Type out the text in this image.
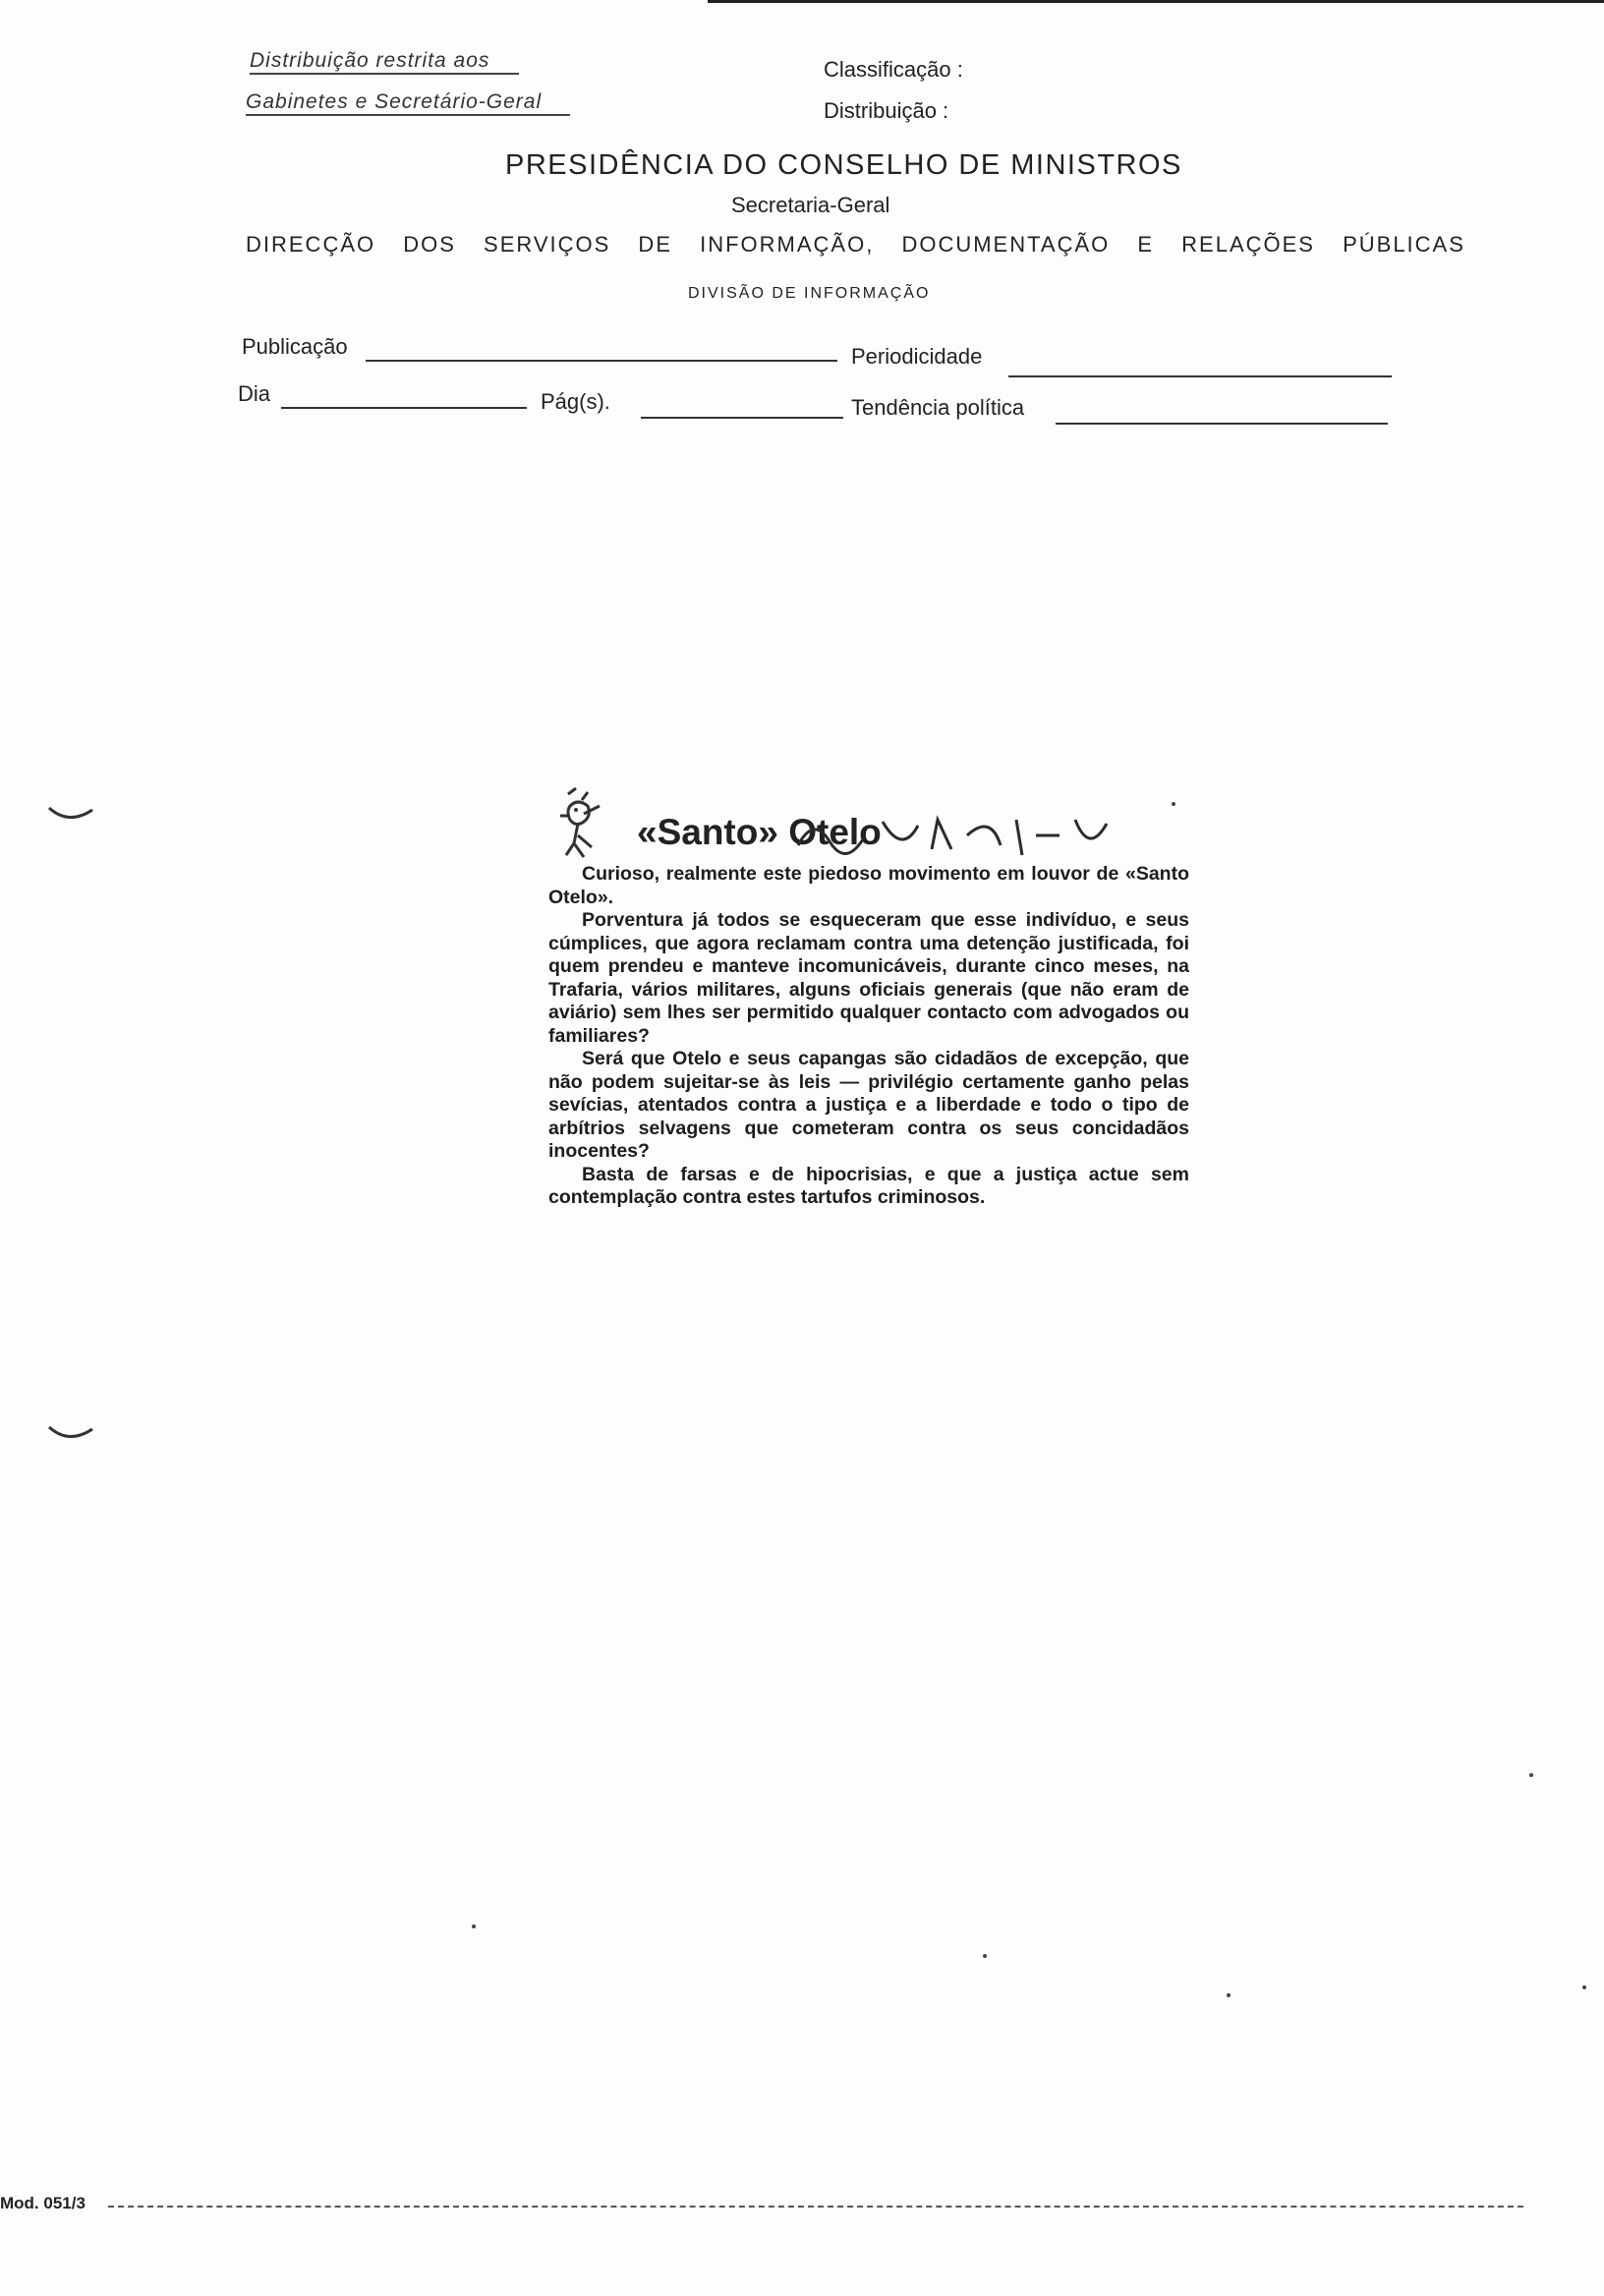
Distribuição restrita aos
Gabinetes e Secretário-Geral
Classificação :
Distribuição :
PRESIDÊNCIA DO CONSELHO DE MINISTROS
Secretaria-Geral
DIRECÇÃO DOS SERVIÇOS DE INFORMAÇÃO, DOCUMENTAÇÃO E RELAÇÕES PÚBLICAS
DIVISÃO DE INFORMAÇÃO
Publicação	Periodicidade
Dia	Pág(s).	Tendência política
«Santo» Otelo

Curioso, realmente este piedoso movimento em louvor de «Santo Otelo».

Porventura já todos se esqueceram que esse indivíduo, e seus cúmplices, que agora reclamam contra uma detenção justificada, foi quem prendeu e manteve incomunicáveis, durante cinco meses, na Trafaria, vários militares, alguns oficiais generais (que não eram de aviário) sem lhes ser permitido qualquer contacto com advogados ou familiares?

Será que Otelo e seus capangas são cidadãos de excepção, que não podem sujeitar-se às leis — privilégio certamente ganho pelas sevícias, atentados contra a justiça e a liberdade e todo o tipo de arbítrios selvagens que cometeram contra os seus concidadãos inocentes?

Basta de farsas e de hipocrisias, e que a justiça actue sem contemplação contra estes tartufos criminosos.

Mod. 051/3
